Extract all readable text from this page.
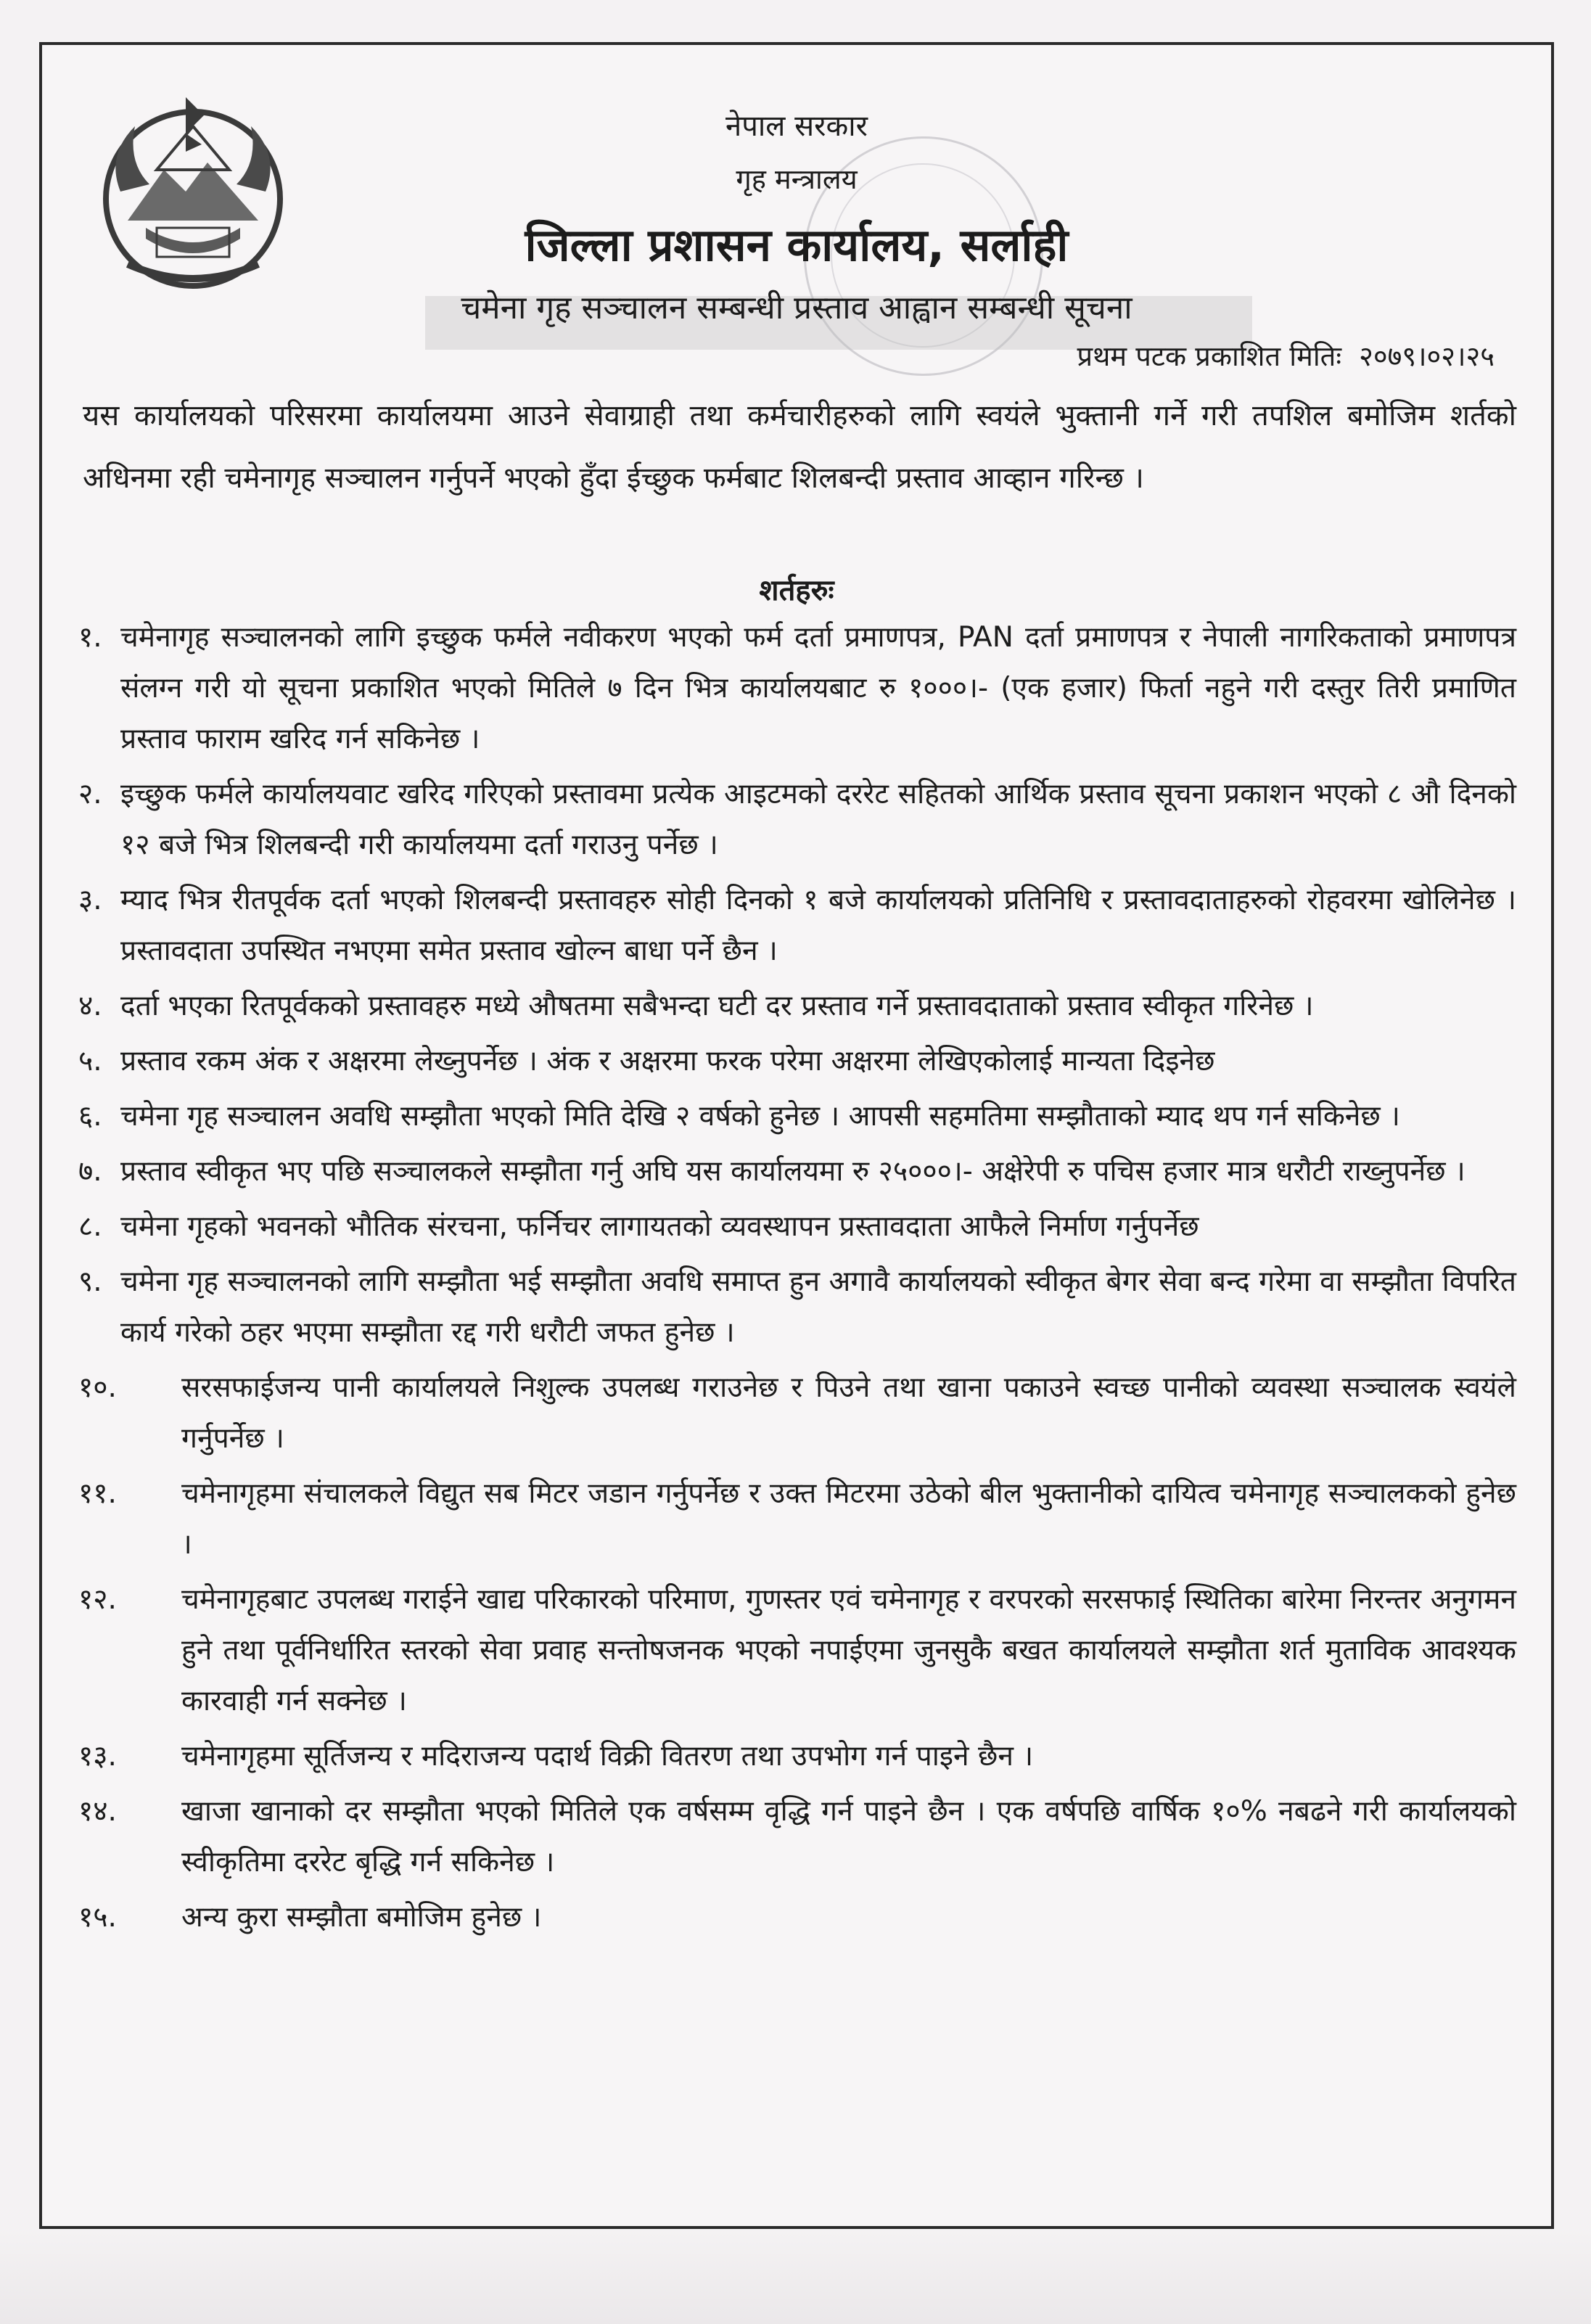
नेपाल सरकार

गृह मन्त्रालय

जिल्ला प्रशासन कार्यालय, सर्लाही

चमेना गृह सञ्चालन सम्बन्धी प्रस्ताव आह्वान सम्बन्धी सूचना

प्रथम पटक प्रकाशित मितिः २०७९।०२।२५

यस कार्यालयको परिसरमा कार्यालयमा आउने सेवाग्राही तथा कर्मचारीहरुको लागि स्वयंले भुक्तानी गर्ने गरी तपशिल बमोजिम शर्तको अधिनमा रही चमेनागृह सञ्चालन गर्नुपर्ने भएको हुँदा ईच्छुक फर्मबाट शिलबन्दी प्रस्ताव आव्हान गरिन्छ ।

शर्तहरुः

१. चमेनागृह सञ्चालनको लागि इच्छुक फर्मले नवीकरण भएको फर्म दर्ता प्रमाणपत्र, PAN दर्ता प्रमाणपत्र र नेपाली नागरिकताको प्रमाणपत्र संलग्न गरी यो सूचना प्रकाशित भएको मितिले ७ दिन भित्र कार्यालयबाट रु १०००।- (एक हजार) फिर्ता नहुने गरी दस्तुर तिरी प्रमाणित प्रस्ताव फाराम खरिद गर्न सकिनेछ ।
२. इच्छुक फर्मले कार्यालयवाट खरिद गरिएको प्रस्तावमा प्रत्येक आइटमको दररेट सहितको आर्थिक प्रस्ताव सूचना प्रकाशन भएको ८ औ दिनको १२ बजे भित्र शिलबन्दी गरी कार्यालयमा दर्ता गराउनु पर्नेछ ।
३. म्याद भित्र रीतपूर्वक दर्ता भएको शिलबन्दी प्रस्तावहरु सोही दिनको १ बजे कार्यालयको प्रतिनिधि र प्रस्तावदाताहरुको रोहवरमा खोलिनेछ ।प्रस्तावदाता उपस्थित नभएमा समेत प्रस्ताव खोल्न बाधा पर्ने छैन ।
४. दर्ता भएका रितपूर्वकको प्रस्तावहरु मध्ये औषतमा सबैभन्दा घटी दर प्रस्ताव गर्ने प्रस्तावदाताको प्रस्ताव स्वीकृत गरिनेछ ।
५. प्रस्ताव रकम अंक र अक्षरमा लेख्नुपर्नेछ । अंक र अक्षरमा फरक परेमा अक्षरमा लेखिएकोलाई मान्यता दिइनेछ
६. चमेना गृह सञ्चालन अवधि सम्झौता भएको मिति देखि २ वर्षको हुनेछ । आपसी सहमतिमा सम्झौताको म्याद थप गर्न सकिनेछ ।
७. प्रस्ताव स्वीकृत भए पछि सञ्चालकले सम्झौता गर्नु अघि यस कार्यालयमा रु २५०००।- अक्षेरेपी रु पचिस हजार मात्र धरौटी राख्नुपर्नेछ ।
८. चमेना गृहको भवनको भौतिक संरचना, फर्निचर लागायतको व्यवस्थापन प्रस्तावदाता आफैले निर्माण गर्नुपर्नेछ
९. चमेना गृह सञ्चालनको लागि सम्झौता भई सम्झौता अवधि समाप्त हुन अगावै कार्यालयको स्वीकृत बेगर सेवा बन्द गरेमा वा सम्झौता विपरित कार्य गरेको ठहर भएमा सम्झौता रद्द गरी धरौटी जफत हुनेछ ।
१०.	सरसफाईजन्य पानी कार्यालयले निशुल्क उपलब्ध गराउनेछ र पिउने तथा खाना पकाउने स्वच्छ पानीको व्यवस्था सञ्चालक स्वयंले गर्नुपर्नेछ ।
११.	चमेनागृहमा संचालकले विद्युत सब मिटर जडान गर्नुपर्नेछ र उक्त मिटरमा उठेको बील भुक्तानीको दायित्व चमेनागृह सञ्चालकको हुनेछ ।
१२.	चमेनागृहबाट उपलब्ध गराईने खाद्य परिकारको परिमाण, गुणस्तर एवं चमेनागृह र वरपरको सरसफाई स्थितिका बारेमा निरन्तर अनुगमन हुने तथा पूर्वनिर्धारित स्तरको सेवा प्रवाह सन्तोषजनक भएको नपाईएमा जुनसुकै बखत कार्यालयले सम्झौता शर्त मुताविक आवश्यक कारवाही गर्न सक्नेछ ।
१३.	चमेनागृहमा सूर्तिजन्य र मदिराजन्य पदार्थ विक्री वितरण तथा उपभोग गर्न पाइने छैन ।
१४.	खाजा खानाको दर सम्झौता भएको मितिले एक वर्षसम्म वृद्धि गर्न पाइने छैन । एक वर्षपछि वार्षिक १०% नबढने गरी कार्यालयको स्वीकृतिमा दररेट बृद्धि गर्न सकिनेछ ।
१५.	अन्य कुरा सम्झौता बमोजिम हुनेछ ।
